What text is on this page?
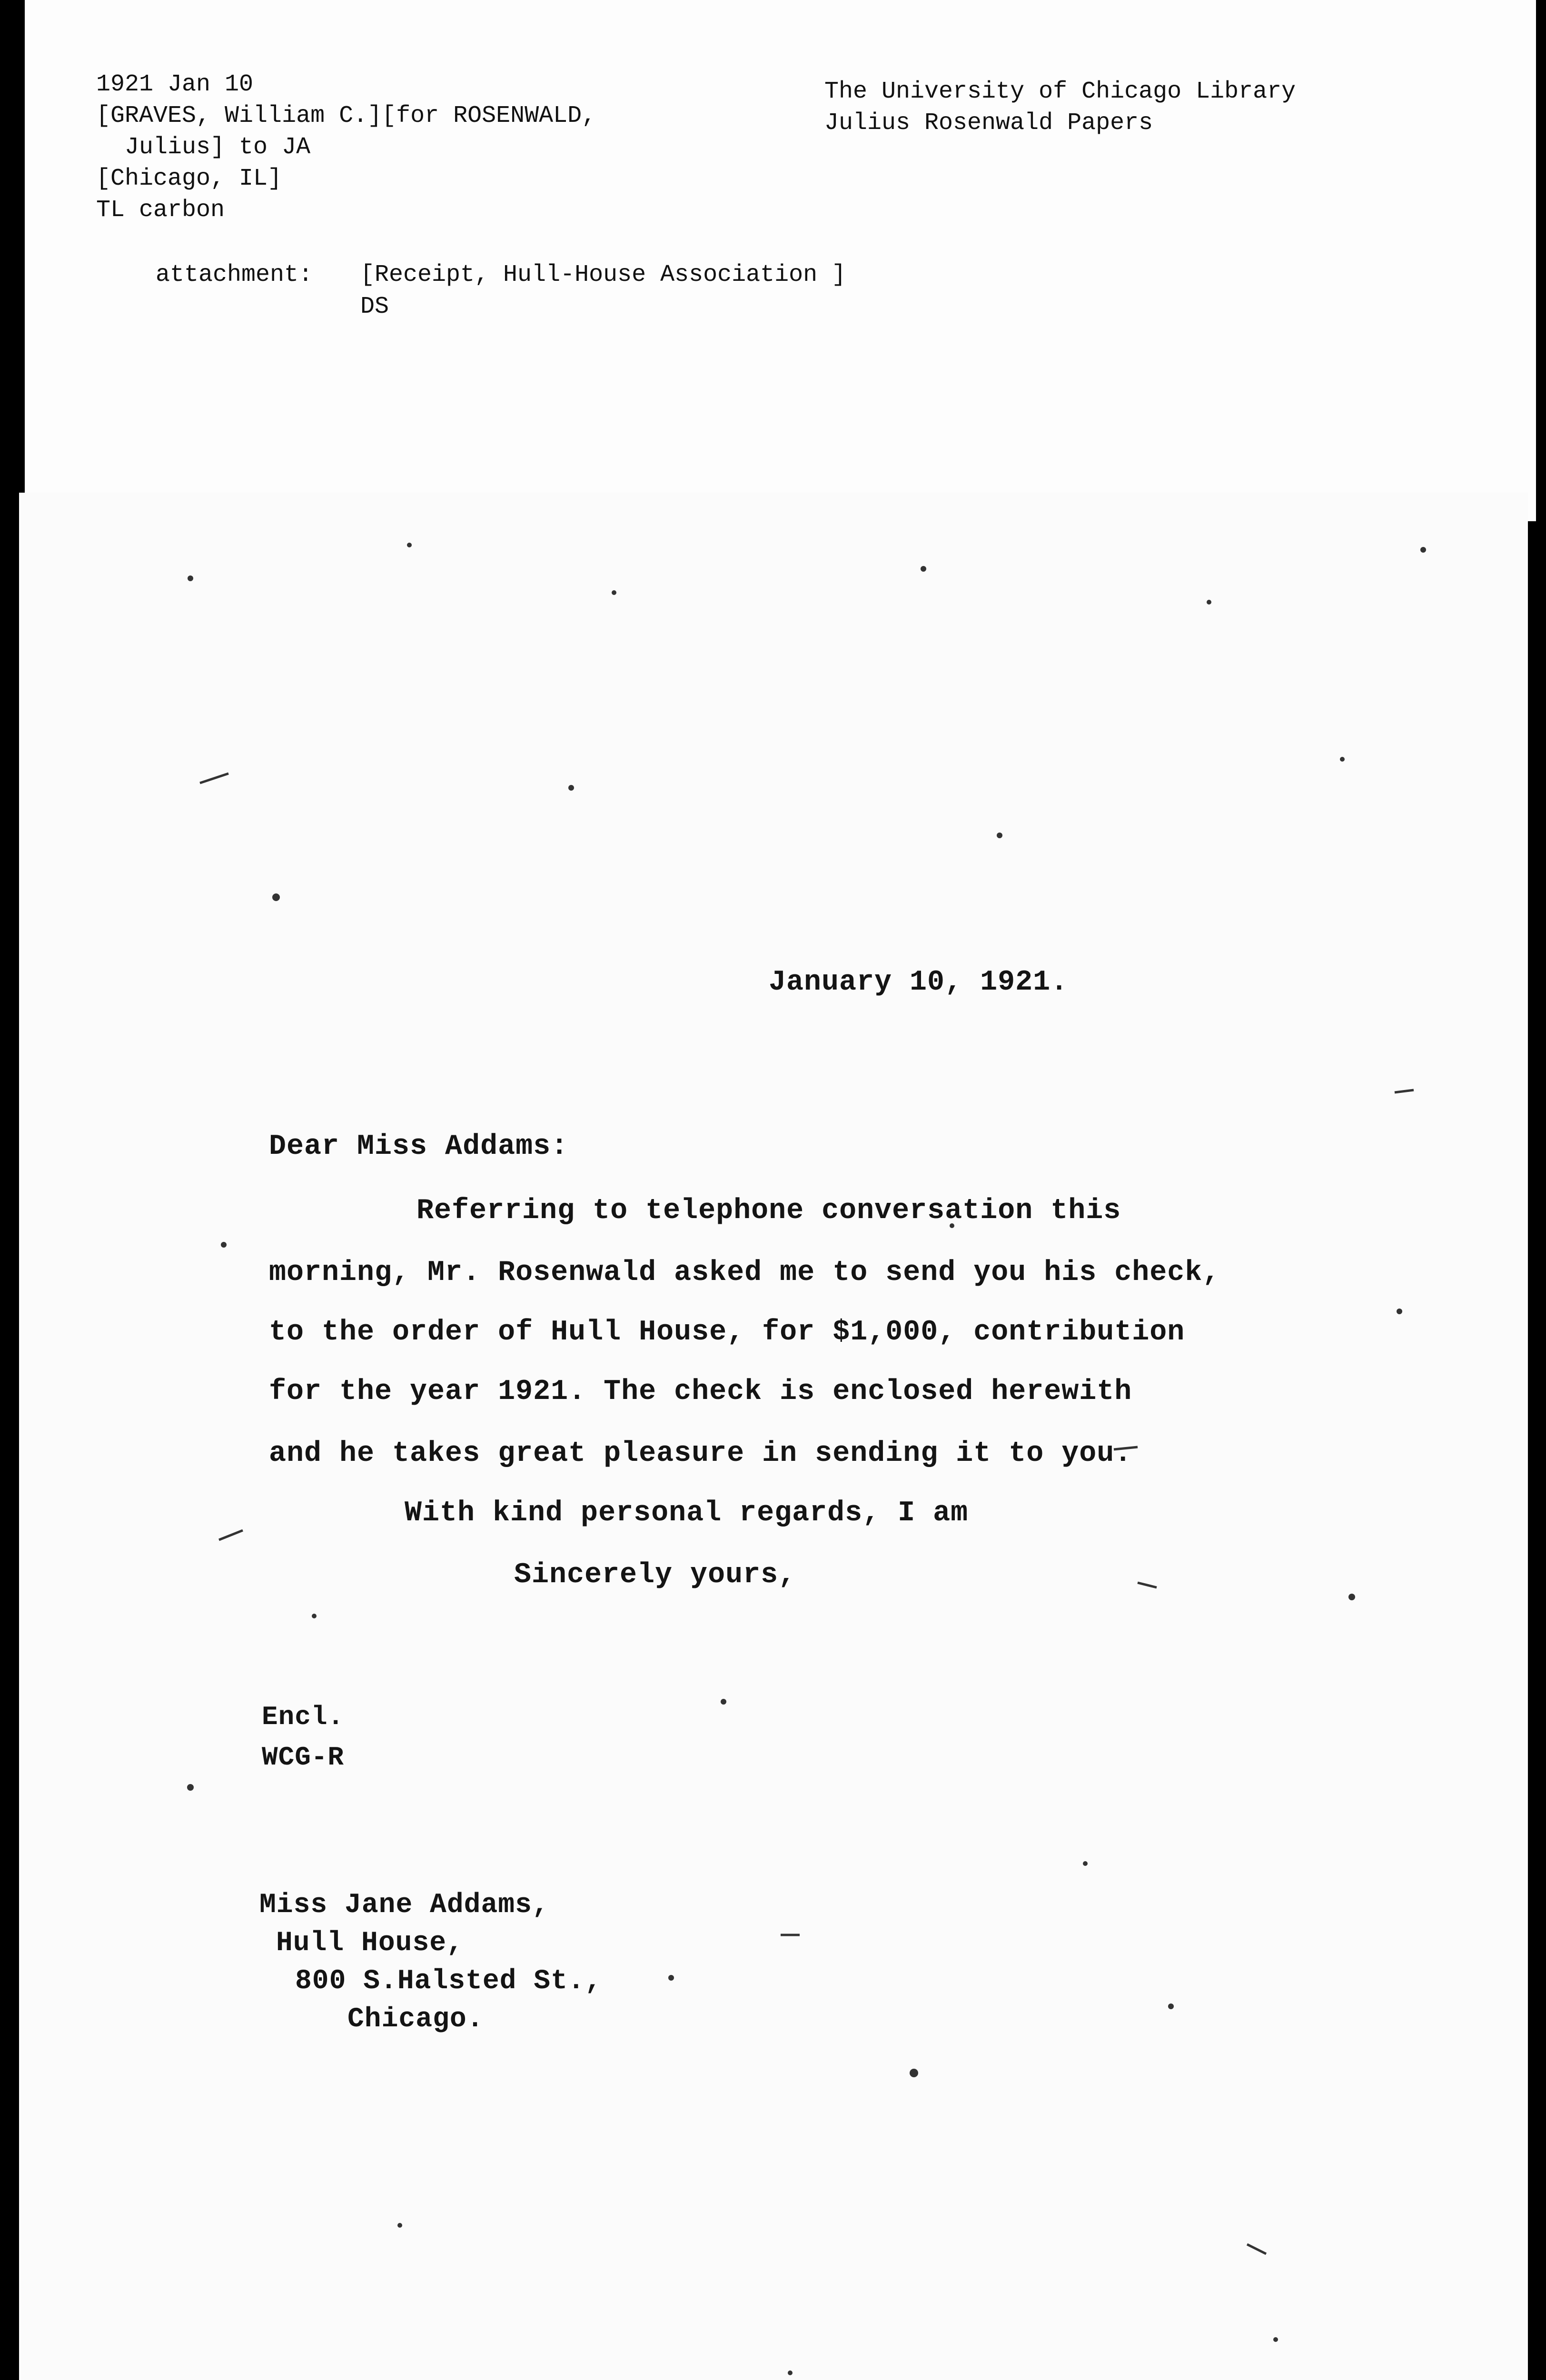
1921 Jan 10
[GRAVES, William C.][for ROSENWALD,
Julius] to JA
[Chicago, IL]
TL carbon
The University of Chicago Library
Julius Rosenwald Papers
attachment: [Receipt, Hull-House Association ]
DS
January 10, 1921.
Dear Miss Addams:
Referring to telephone conversation this
morning, Mr. Rosenwald asked me to send you his check,
to the order of Hull House, for $1,000, contribution
for the year 1921. The check is enclosed herewith
and he takes great pleasure in sending it to you.
With kind personal regards, I am
Sincerely yours,
Encl.
WCG-R
Miss Jane Addams,
Hull House,
800 S.Halsted St.,
Chicago.
